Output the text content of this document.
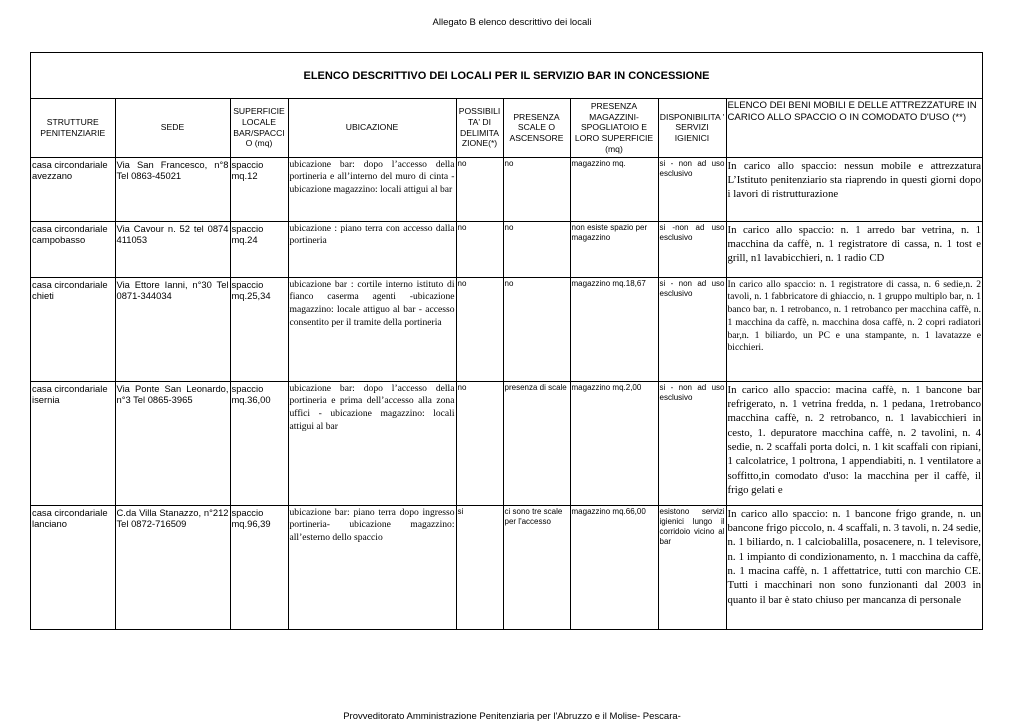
Allegato B elenco descrittivo dei locali
ELENCO DESCRITTIVO DEI LOCALI PER IL SERVIZIO BAR IN CONCESSIONE
STRUTTURE PENITENZIARIE	SEDE	SUPERFICIE LOCALE BAR/SPACCI O (mq)	UBICAZIONE	POSSIBILI TA' DI DELIMITA ZIONE(*)	PRESENZA SCALE O ASCENSORE	PRESENZA MAGAZZINI-SPOGLIATOIO E LORO SUPERFICIE (mq)	DISPONIBILITA ' SERVIZI IGIENICI	ELENCO DEI BENI MOBILI E DELLE ATTREZZATURE IN CARICO ALLO SPACCIO O IN COMODATO D'USO (**)
casa circondariale avezzano	Via San Francesco, n°8 Tel 0863-45021	spaccio mq.12	ubicazione bar: dopo l’accesso della portineria e all’interno del muro di cinta - ubicazione magazzino: locali attigui al bar	no	no	magazzino mq.	si - non ad uso esclusivo	In carico allo spaccio: nessun mobile e attrezzatura L’Istituto penitenziario sta riaprendo in questi giorni dopo i lavori di ristrutturazione
casa circondariale campobasso	Via Cavour n. 52 tel 0874 411053	spaccio mq.24	ubicazione : piano terra con accesso dalla portineria	no	no	non esiste spazio per magazzino	si -non ad uso esclusivo	In carico allo spaccio: n. 1 arredo bar vetrina, n. 1 macchina da caffè, n. 1 registratore di cassa, n. 1 tost e grill, n1 lavabicchieri, n. 1 radio CD
casa circondariale chieti	Via Ettore Ianni, n°30 Tel 0871-344034	spaccio mq.25,34	ubicazione bar : cortile interno istituto di fianco caserma agenti -ubicazione magazzino: locale attiguo al bar - accesso consentito per il tramite della portineria	no	no	magazzino mq.18,67	si - non ad uso esclusivo	In carico allo spaccio: n. 1 registratore di cassa, n. 6 sedie,n. 2 tavoli, n. 1 fabbricatore di ghiaccio, n. 1 gruppo multiplo bar, n. 1 banco bar, n. 1 retrobanco, n. 1 retrobanco per macchina caffè, n. 1 macchina da caffè, n. macchina dosa caffè, n. 2 copri radiatori bar,n. 1 biliardo, un PC e una stampante, n. 1 lavatazze e bicchieri.
casa circondariale isernia	Via Ponte San Leonardo, n°3 Tel 0865-3965	spaccio mq.36,00	ubicazione bar: dopo l’accesso della portineria e prima dell’accesso alla zona uffici - ubicazione magazzino: locali attigui al bar	no	presenza di scale	magazzino mq.2,00	si - non ad uso esclusivo	In carico allo spaccio: macina caffè, n. 1 bancone bar refrigerato, n. 1 vetrina fredda, n. 1 pedana, 1retrobanco macchina caffè, n. 2 retrobanco, n. 1 lavabicchieri in cesto, 1. depuratore macchina caffè, n. 2 tavolini, n. 4 sedie, n. 2 scaffali porta dolci, n. 1 kit scaffali con ripiani, 1 calcolatrice, 1 poltrona, 1 appendiabiti, n. 1 ventilatore a soffitto,in comodato d'uso: la macchina per il caffè, il frigo gelati e
casa circondariale lanciano	C.da Villa Stanazzo, n°212 Tel 0872-716509	spaccio mq.96,39	ubicazione bar: piano terra dopo ingresso portineria- ubicazione magazzino: all’esterno dello spaccio	si	ci sono tre scale per l'accesso	magazzino mq.66,00	esistono servizi igienici lungo il corridoio vicino al bar	In carico allo spaccio: n. 1 bancone frigo grande, n. un bancone frigo piccolo, n. 4 scaffali, n. 3 tavoli, n. 24 sedie, n. 1 biliardo, n. 1 calciobalilla, posacenere, n. 1 televisore, n. 1 impianto di condizionamento, n. 1 macchina da caffè, n. 1 macina caffè, n. 1 affettatrice, tutti con marchio CE. Tutti i macchinari non sono funzionanti dal 2003 in quanto il bar è stato chiuso per mancanza di personale
Provveditorato Amministrazione Penitenziaria per l'Abruzzo e il Molise- Pescara-
